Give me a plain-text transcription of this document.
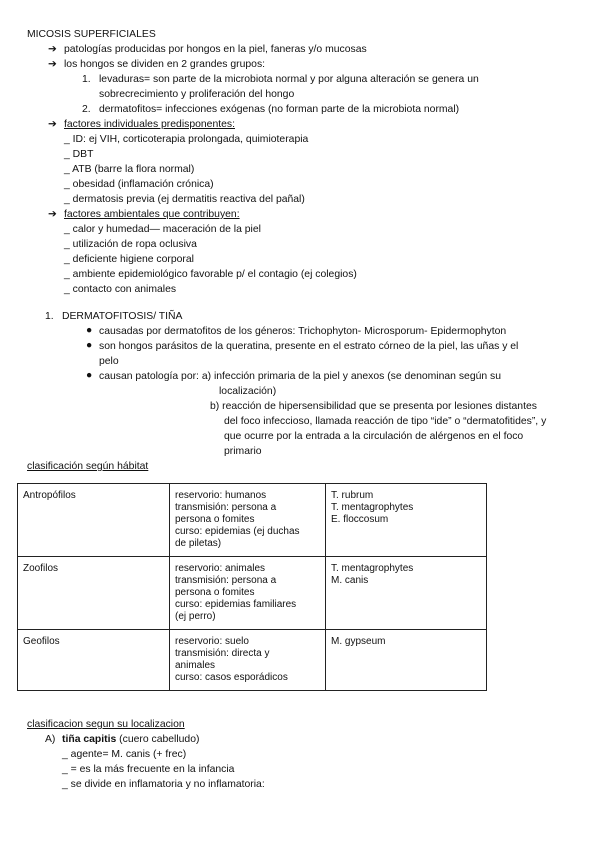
MICOSIS SUPERFICIALES
➔ patologías producidas por hongos en la piel, faneras y/o mucosas
➔ los hongos se dividen en 2 grandes grupos:
1. levaduras= son parte de la microbiota normal y por alguna alteración se genera un
sobrecrecimiento y proliferación del hongo
2. dermatofitos= infecciones exógenas (no forman parte de la microbiota normal)
➔ factores individuales predisponentes:
_ ID: ej VIH, corticoterapia prolongada, quimioterapia
_ DBT
_ ATB (barre la flora normal)
_ obesidad (inflamación crónica)
_ dermatosis previa (ej dermatitis reactiva del pañal)
➔ factores ambientales que contribuyen:
_ calor y humedad— maceración de la piel
_ utilización de ropa oclusiva
_ deficiente higiene corporal
_ ambiente epidemiológico favorable p/ el contagio (ej colegios)
_ contacto con animales
1. DERMATOFITOSIS/ TIÑA
● causadas por dermatofitos de los géneros: Trichophyton- Microsporum- Epidermophyton
● son hongos parásitos de la queratina, presente en el estrato córneo de la piel, las uñas y el
pelo
● causan patología por: a) infección primaria de la piel y anexos (se denominan según su
localización)
b) reacción de hipersensibilidad que se presenta por lesiones distantes
del foco infeccioso, llamada reacción de tipo “ide” o “dermatofitides”, y
que ocurre por la entrada a la circulación de alérgenos en el foco
primario
clasificación según hábitat
Antropófilos	reservorio: humanos
transmisión: persona a
persona o fomites
curso: epidemias (ej duchas
de piletas)	T. rubrum
T. mentagrophytes
E. floccosum

Zoofilos	reservorio: animales
transmisión: persona a
persona o fomites
curso: epidemias familiares
(ej perro)	T. mentagrophytes
M. canis

Geofilos	reservorio: suelo
transmisión: directa y
animales
curso: casos esporádicos	M. gypseum
clasificacion segun su localizacion
A) tiña capitis (cuero cabelludo)
_ agente= M. canis (+ frec)
_ = es la más frecuente en la infancia
_ se divide en inflamatoria y no inflamatoria:
